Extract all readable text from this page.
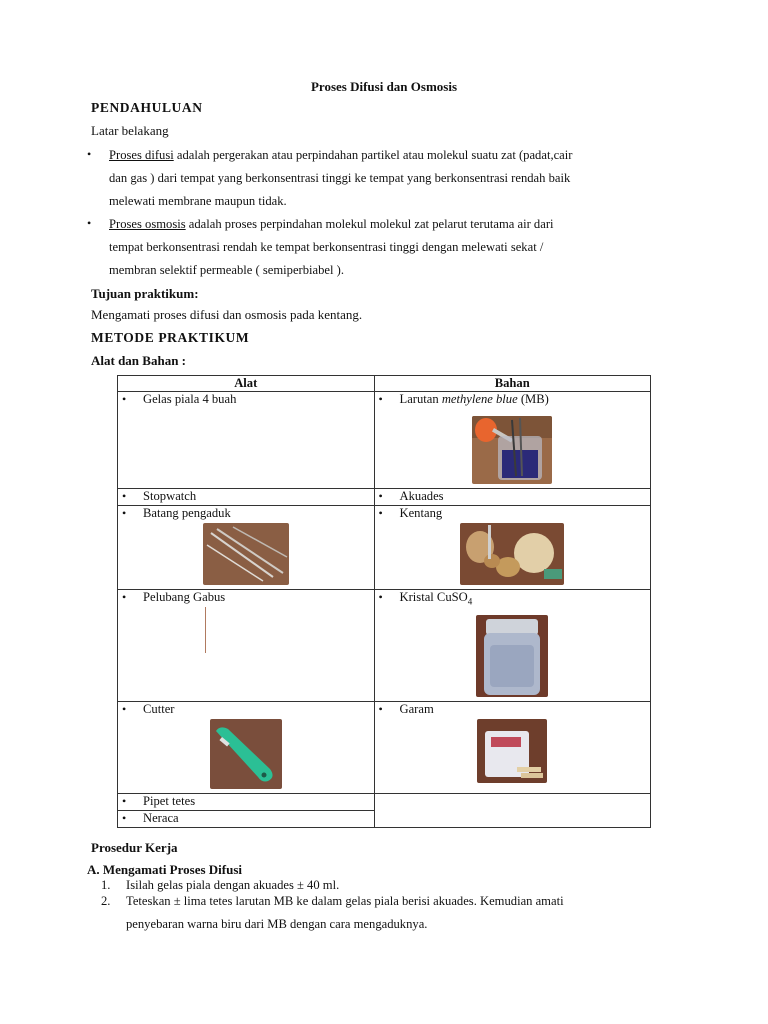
Proses Difusi dan Osmosis
PENDAHULUAN
Latar belakang
• Proses difusi adalah pergerakan atau perpindahan partikel atau molekul suatu zat (padat,cair
dan gas ) dari tempat yang berkonsentrasi tinggi ke tempat yang berkonsentrasi rendah baik
melewati membrane maupun tidak.
• Proses osmosis adalah proses perpindahan molekul molekul zat pelarut terutama air dari
tempat berkonsentrasi rendah ke tempat berkonsentrasi tinggi dengan melewati sekat /
membran selektif permeable ( semiperbiabel ).
Tujuan praktikum:
Mengamati proses difusi dan osmosis pada kentang.
METODE PRAKTIKUM
Alat dan Bahan :
Alat	Bahan

• Gelas piala 4 buah	• Larutan methylene blue (MB)

• Stopwatch	• Akuades

• Batang pengaduk	• Kentang

• Pelubang Gabus	• Kristal CuSO$_4$

• Cutter	• Garam

• Pipet tetes

• Neraca
Prosedur Kerja
A. Mengamati Proses Difusi
1. Isilah gelas piala dengan akuades ± 40 ml.
2. Teteskan ± lima tetes larutan MB ke dalam gelas piala berisi akuades. Kemudian amati
penyebaran warna biru dari MB dengan cara mengaduknya.
